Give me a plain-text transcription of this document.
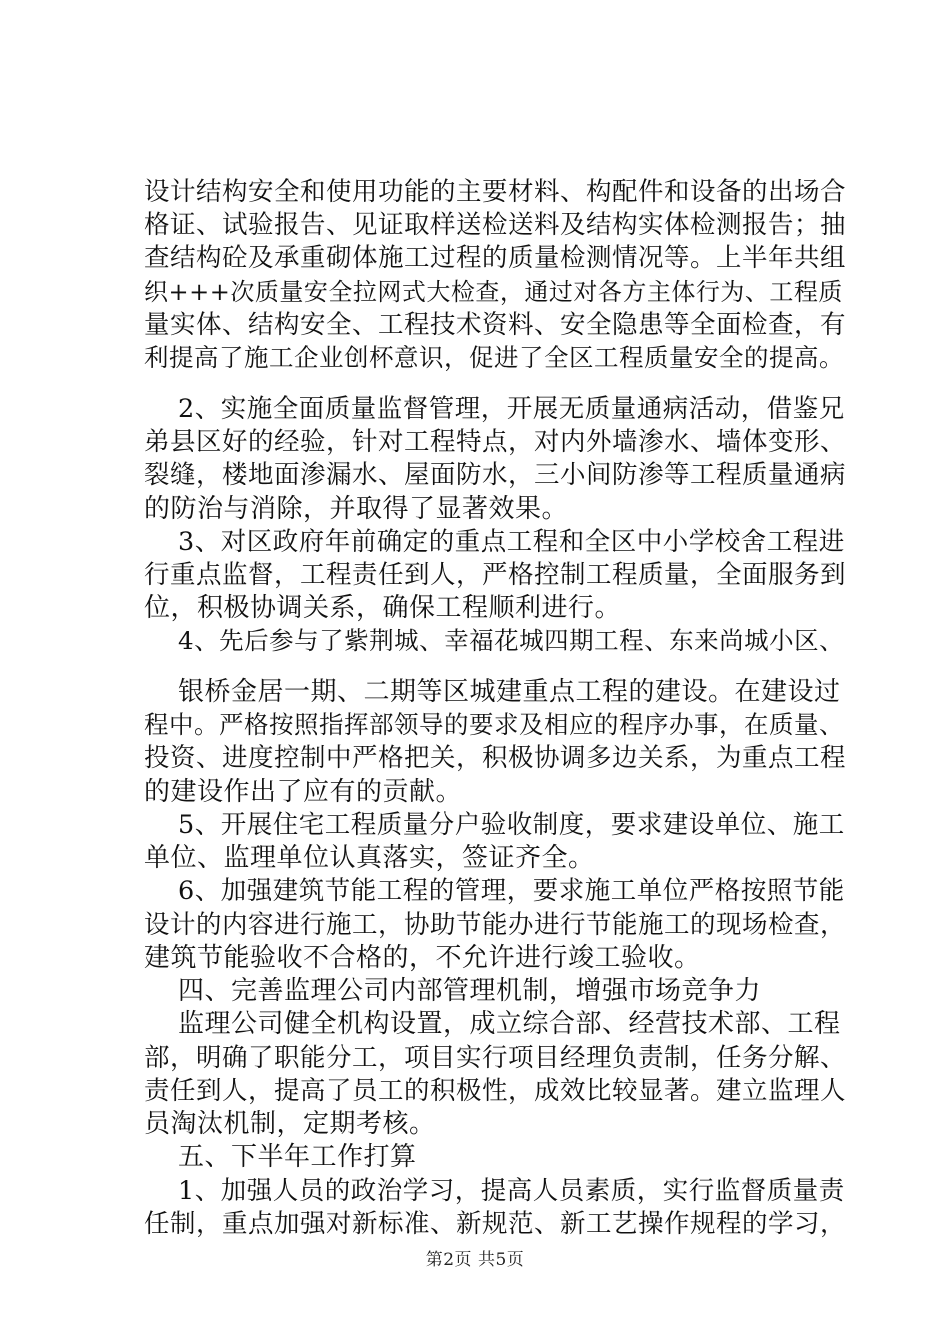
设计结构安全和使用功能的主要材料、构配件和设备的出场合
格证、试验报告、见证取样送检送料及结构实体检测报告；抽
查结构砼及承重砌体施工过程的质量检测情况等。上半年共组
织+++次质量安全拉网式大检查，通过对各方主体行为、工程质
量实体、结构安全、工程技术资料、安全隐患等全面检查，有
利提高了施工企业创杯意识，促进了全区工程质量安全的提高。
2、实施全面质量监督管理，开展无质量通病活动，借鉴兄
弟县区好的经验，针对工程特点，对内外墙渗水、墙体变形、
裂缝，楼地面渗漏水、屋面防水，三小间防渗等工程质量通病
的防治与消除，并取得了显著效果。
3、对区政府年前确定的重点工程和全区中小学校舍工程进
行重点监督，工程责任到人，严格控制工程质量，全面服务到
位，积极协调关系，确保工程顺利进行。
4、先后参与了紫荆城、幸福花城四期工程、东来尚城小区、
银桥金居一期、二期等区城建重点工程的建设。在建设过
程中。严格按照指挥部领导的要求及相应的程序办事，在质量、
投资、进度控制中严格把关，积极协调多边关系，为重点工程
的建设作出了应有的贡献。
5、开展住宅工程质量分户验收制度，要求建设单位、施工
单位、监理单位认真落实，签证齐全。
6、加强建筑节能工程的管理，要求施工单位严格按照节能
设计的内容进行施工，协助节能办进行节能施工的现场检查，
建筑节能验收不合格的，不允许进行竣工验收。
四、完善监理公司内部管理机制，增强市场竞争力
监理公司健全机构设置，成立综合部、经营技术部、工程
部，明确了职能分工，项目实行项目经理负责制，任务分解、
责任到人，提高了员工的积极性，成效比较显著。建立监理人
员淘汰机制，定期考核。
五、下半年工作打算
1、加强人员的政治学习，提高人员素质，实行监督质量责
任制，重点加强对新标准、新规范、新工艺操作规程的学习，
第2页 共5页
